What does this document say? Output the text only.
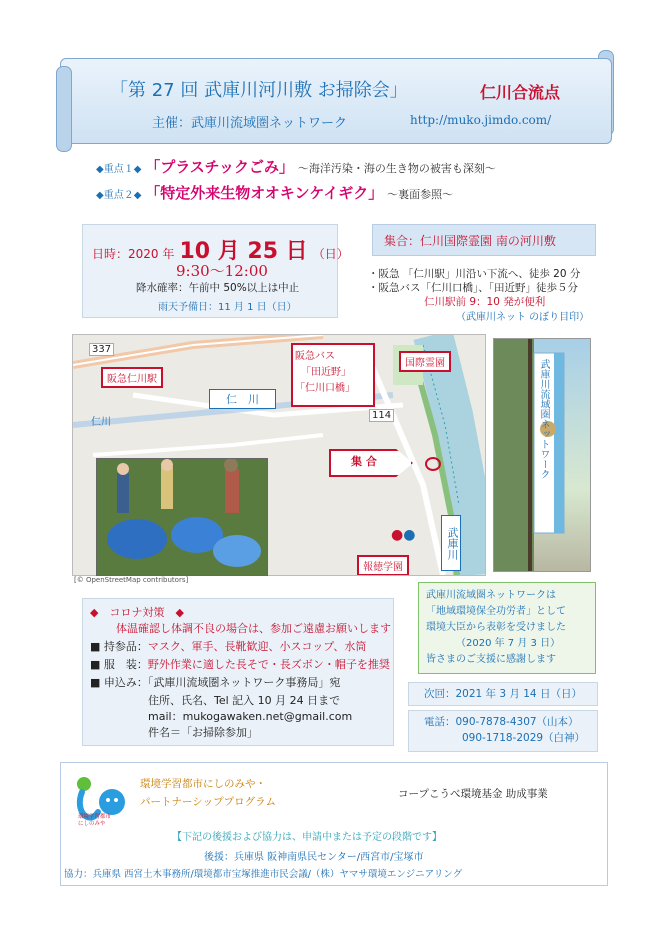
「第 27 回 武庫川河川敷 お掃除会」	仁川合流点
主催：武庫川流域圏ネットワーク	http://muko.jimdo.com/
◆重点１◆ 「プラスチックごみ」 ～海洋汚染・海の生き物の被害も深刻～
◆重点２◆ 「特定外来生物オオキンケイギク」 ～裏面参照～
日時：2020 年 10 月 25 日 （日）
9:30～12:00
降水確率：午前中 50%以上は中止
雨天予備日：11 月 1 日（日）
集合：仁川国際霊園 南の河川敷
・阪急 「仁川駅」川沿い下流へ、徒歩 20 分
・阪急バス「仁川口橋」、「田近野」徒歩５分
仁川駅前 9：10 発が便利
（武庫川ネット のぼり目印）
337
114
仁川
阪急仁川駅
阪急バス
「田近野」
「仁川口橋」
国際霊園
仁　川
集 合
武庫川
●●
報徳学園
[© OpenStreetMap contributors]
武庫川流域圏ネットワーク
◆　コロナ対策　◆
体温確認し体調不良の場合は、参加ご遠慮お願いします
■ 持参品：マスク、軍手、長靴歓迎、小スコップ、水筒
■ 服　装：野外作業に適した長そで・長ズボン・帽子を推奨
■ 申込み：「武庫川流域圏ネットワーク事務局」宛
住所、氏名、Tel 記入 10 月 24 日まで
mail：mukogawaken.net@gmail.com
件名＝「お掃除参加」
武庫川流域圏ネットワークは
「地域環境保全功労者」として
環境大臣から表彰を受けました
（2020 年 7 月 3 日）
皆さまのご支援に感謝します
次回：2021 年 3 月 14 日（日）
電話：090-7878-4307（山本）
090-1718-2029（白神）
環境学習都市
にしのみや
環境学習都市にしのみや・
パートナーシッププログラム
コープこうべ環境基金 助成事業
【下記の後援および協力は、申請中または予定の段階です】
後援：兵庫県 阪神南県民センター/西宮市/宝塚市
協力：兵庫県 西宮土木事務所/環境都市宝塚推進市民会議/（株）ヤマサ環境エンジニアリング
